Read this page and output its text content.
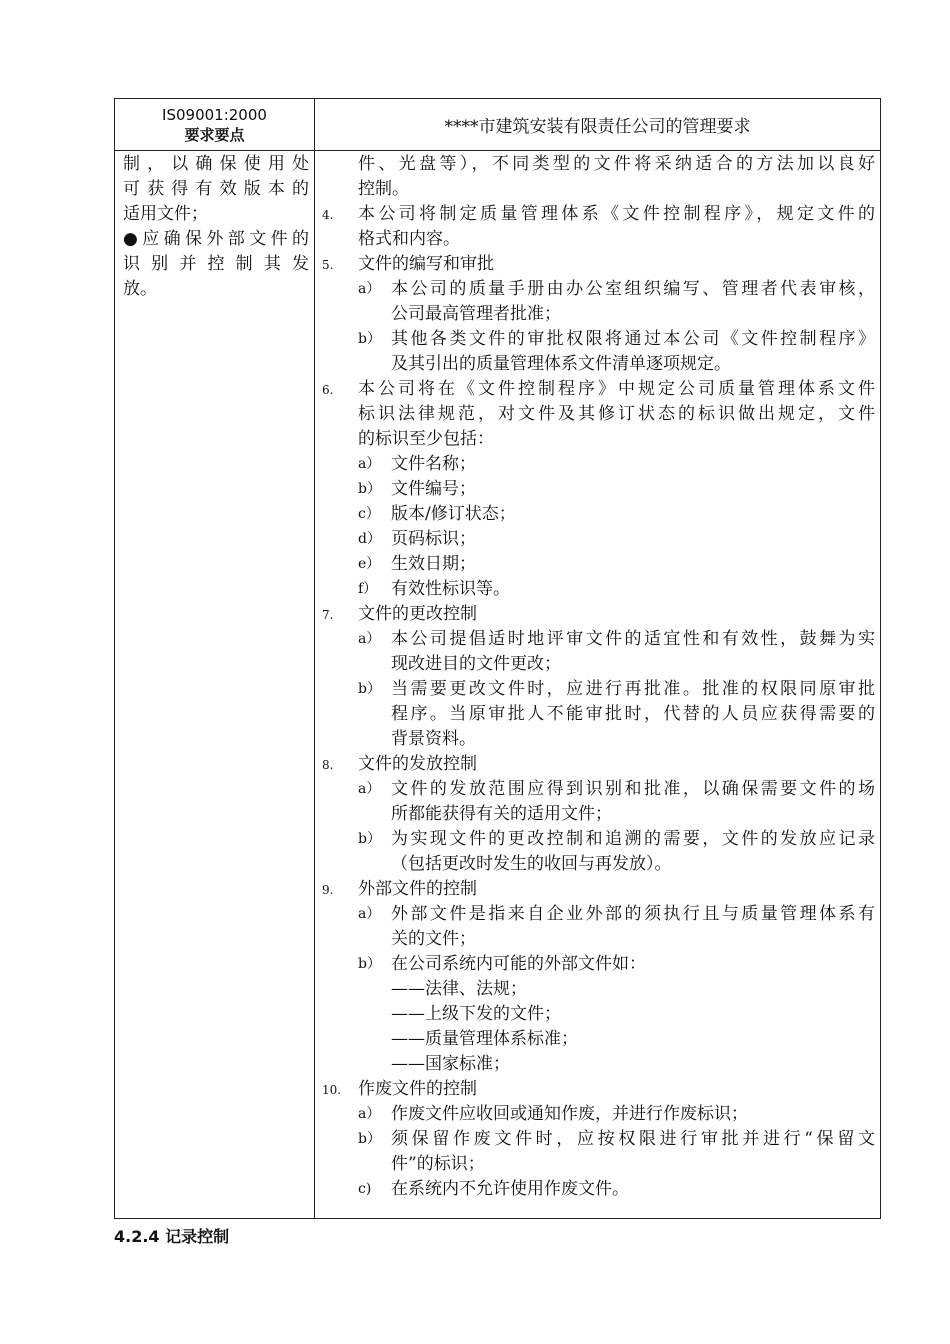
IS09001:2000
要求要点	****市建筑安装有限责任公司的管理要求
制，以确保使用处
可获得有效版本的
适用文件；
●应确保外部文件的
识别并控制其发
放。
件、光盘等），不同类型的文件将采纳适合的方法加以良好
控制。
4. 本公司将制定质量管理体系《文件控制程序》，规定文件的
格式和内容。
5. 文件的编写和审批
a） 本公司的质量手册由办公室组织编写、管理者代表审核，
公司最高管理者批准；
b） 其他各类文件的审批权限将通过本公司《文件控制程序》
及其引出的质量管理体系文件清单逐项规定。
6. 本公司将在《文件控制程序》中规定公司质量管理体系文件
标识法律规范，对文件及其修订状态的标识做出规定，文件
的标识至少包括：
a） 文件名称；
b） 文件编号；
c） 版本/修订状态；
d） 页码标识；
e） 生效日期；
f） 有效性标识等。
7. 文件的更改控制
a） 本公司提倡适时地评审文件的适宜性和有效性，鼓舞为实
现改进目的文件更改；
b） 当需要更改文件时，应进行再批准。批准的权限同原审批
程序。当原审批人不能审批时，代替的人员应获得需要的
背景资料。
8. 文件的发放控制
a） 文件的发放范围应得到识别和批准，以确保需要文件的场
所都能获得有关的适用文件；
b） 为实现文件的更改控制和追溯的需要，文件的发放应记录
（包括更改时发生的收回与再发放）。
9. 外部文件的控制
a） 外部文件是指来自企业外部的须执行且与质量管理体系有
关的文件；
b） 在公司系统内可能的外部文件如：
——法律、法规；
——上级下发的文件；
——质量管理体系标准；
——国家标准；
10. 作废文件的控制
a） 作废文件应收回或通知作废，并进行作废标识；
b） 须保留作废文件时，应按权限进行审批并进行“保留文
件”的标识；
c) 在系统内不允许使用作废文件。
4.2.4 记录控制
